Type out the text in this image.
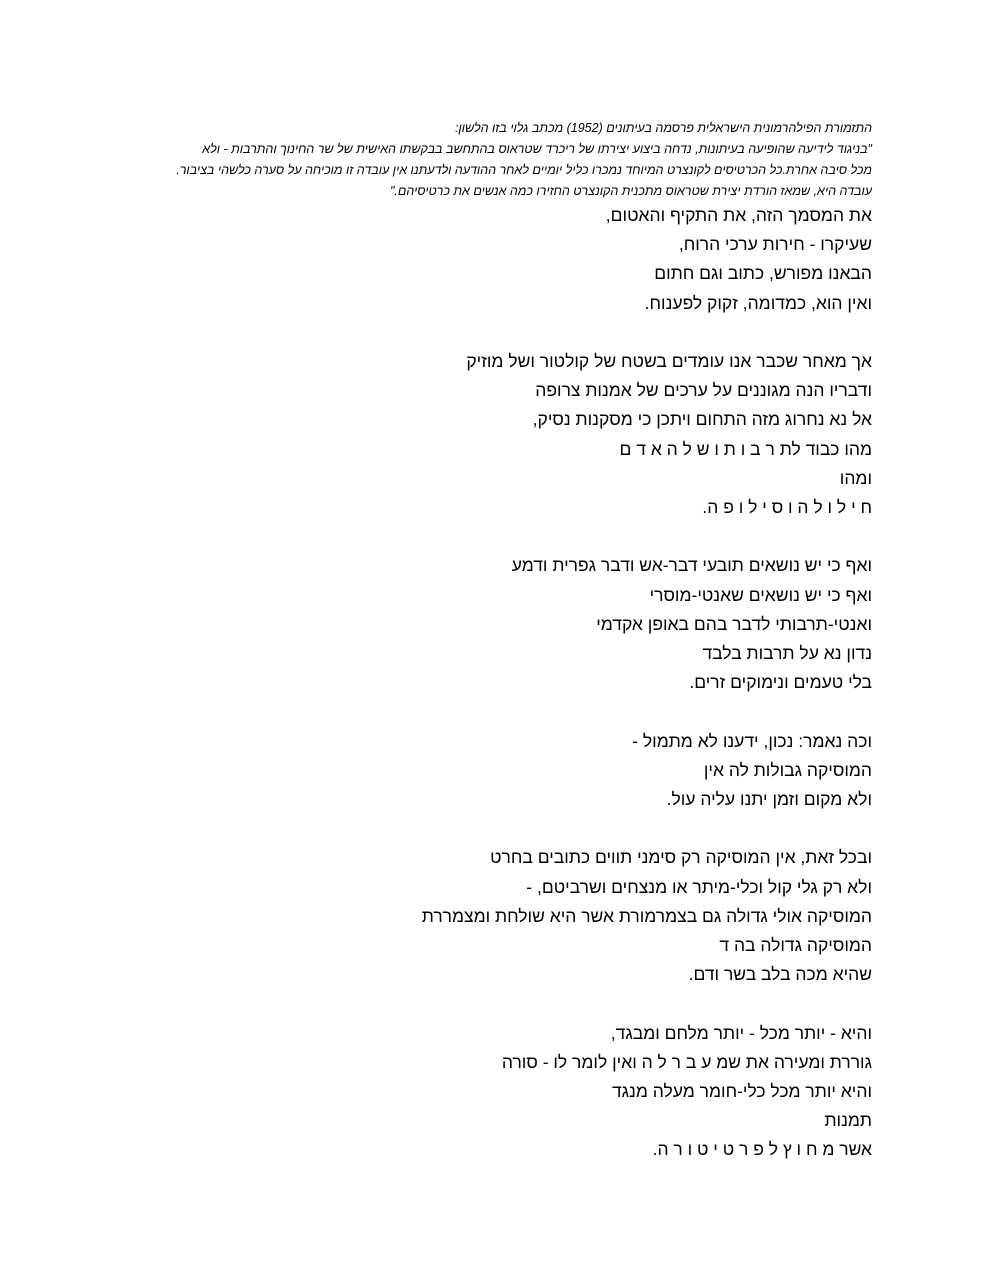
התזמורת הפילהרמונית הישראלית פרסמה בעיתונים (1952) מכתב גלוי בזו הלשון:
"בניגוד לידיעה שהופיעה בעיתונות, נדחה ביצוע יצירתו של ריכרד שטראוס בהתחשב בבקשתו האישית של שר החינוך והתרבות - ולא
מכל סיבה אחרת.כל הכרטיסים לקונצרט המיוחד נמכרו כליל יומיים לאחר ההודעה ולדעתנו אין עובדה זו מוכיחה על סערה כלשהי בציבור.
עובדה היא, שמאז הורדת יצירת שטראוס מתכנית הקונצרט החזירו כמה אנשים את כרטיסיהם."
את המסמך הזה, את התקיף והאטום,
שעיקרו - חירות ערכי הרוח,
הבאנו מפורש, כתוב וגם חתום
ואין הוא, כמדומה, זקוק לפענוח.
אך מאחר שכבר אנו עומדים בשטח של קולטור ושל מוזיק
ודבריו הנה מגוננים על ערכים של אמנות צרופה
אל נא נחרוג מזה התחום ויתכן כי מסקנות נסיק,
מהו כבוד לת ר ב ו ת ו ש ל ה א ד ם
ומהו
ח י ל ו ל ה ו ס י ל ו פ ה.
ואף כי יש נושאים תובעי דבר-אש ודבר גפרית ודמע
ואף כי יש נושאים שאנטי-מוסרי
ואנטי-תרבותי לדבר בהם באופן אקדמי
נדון נא על תרבות בלבד
בלי טעמים ונימוקים זרים.
וכה נאמר: נכון, ידענו לא מתמול -
המוסיקה גבולות לה אין
ולא מקום וזמן יתנו עליה עול.
ובכל זאת, אין המוסיקה רק סימני תווים כתובים בחרט
ולא רק גלי קול וכלי-מיתר או מנצחים ושרביטם, -
המוסיקה אולי גדולה גם בצמרמורת אשר היא שולחת ומצמררת
המוסיקה גדולה בה ד
שהיא מכה בלב בשר ודם.
והיא - יותר מכל - יותר מלחם ומבגד,
גוררת ומעירה את שמ ע ב ר ל ה ואין לומר לו - סורה
והיא יותר מכל כלי-חומר מעלה מנגד
תמנות
אשר מ ח ו ץ ל פ ר ט י ט ו ר ה.
